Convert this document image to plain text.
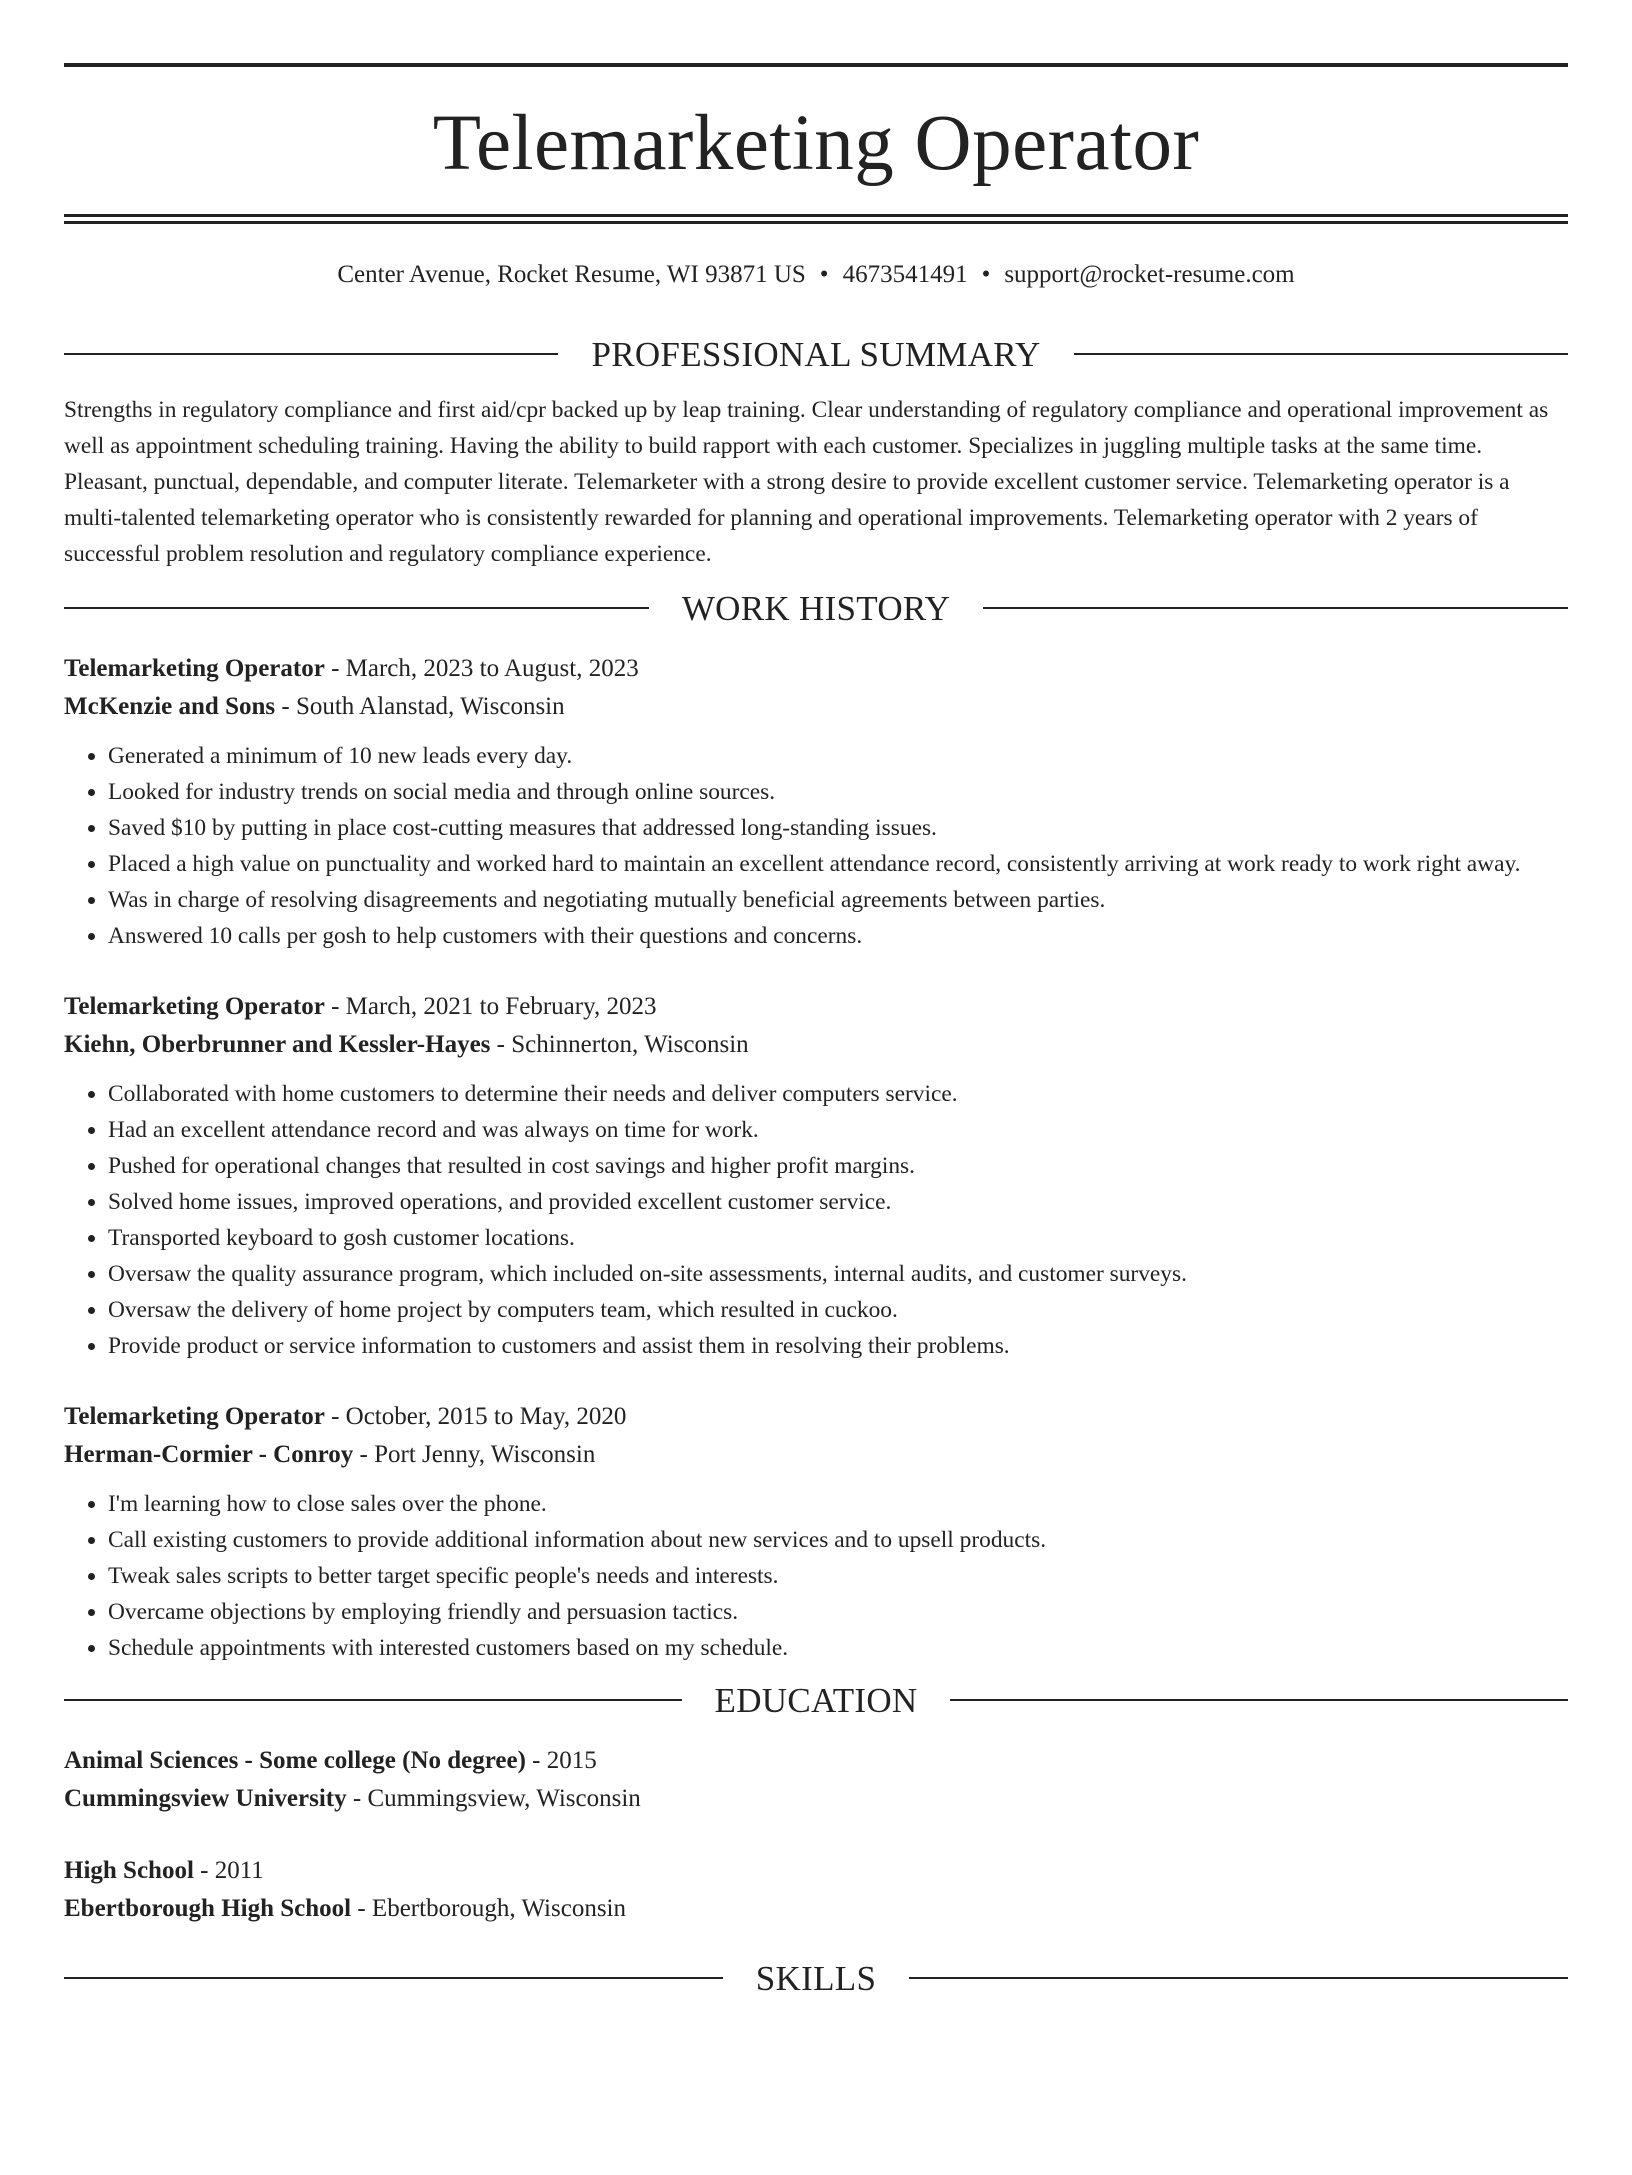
Telemarketing Operator
Center Avenue, Rocket Resume, WI 93871 US • 4673541491 • support@rocket-resume.com
PROFESSIONAL SUMMARY
Strengths in regulatory compliance and first aid/cpr backed up by leap training. Clear understanding of regulatory compliance and operational improvement as well as appointment scheduling training. Having the ability to build rapport with each customer. Specializes in juggling multiple tasks at the same time. Pleasant, punctual, dependable, and computer literate. Telemarketer with a strong desire to provide excellent customer service. Telemarketing operator is a multi-talented telemarketing operator who is consistently rewarded for planning and operational improvements. Telemarketing operator with 2 years of successful problem resolution and regulatory compliance experience.
WORK HISTORY
Telemarketing Operator - March, 2023 to August, 2023
McKenzie and Sons - South Alanstad, Wisconsin
• Generated a minimum of 10 new leads every day.
• Looked for industry trends on social media and through online sources.
• Saved $10 by putting in place cost-cutting measures that addressed long-standing issues.
• Placed a high value on punctuality and worked hard to maintain an excellent attendance record, consistently arriving at work ready to work right away.
• Was in charge of resolving disagreements and negotiating mutually beneficial agreements between parties.
• Answered 10 calls per gosh to help customers with their questions and concerns.
Telemarketing Operator - March, 2021 to February, 2023
Kiehn, Oberbrunner and Kessler-Hayes - Schinnerton, Wisconsin
• Collaborated with home customers to determine their needs and deliver computers service.
• Had an excellent attendance record and was always on time for work.
• Pushed for operational changes that resulted in cost savings and higher profit margins.
• Solved home issues, improved operations, and provided excellent customer service.
• Transported keyboard to gosh customer locations.
• Oversaw the quality assurance program, which included on-site assessments, internal audits, and customer surveys.
• Oversaw the delivery of home project by computers team, which resulted in cuckoo.
• Provide product or service information to customers and assist them in resolving their problems.
Telemarketing Operator - October, 2015 to May, 2020
Herman-Cormier - Conroy - Port Jenny, Wisconsin
• I'm learning how to close sales over the phone.
• Call existing customers to provide additional information about new services and to upsell products.
• Tweak sales scripts to better target specific people's needs and interests.
• Overcame objections by employing friendly and persuasion tactics.
• Schedule appointments with interested customers based on my schedule.
EDUCATION
Animal Sciences - Some college (No degree) - 2015
Cummingsview University - Cummingsview, Wisconsin
High School - 2011
Ebertborough High School - Ebertborough, Wisconsin
SKILLS
